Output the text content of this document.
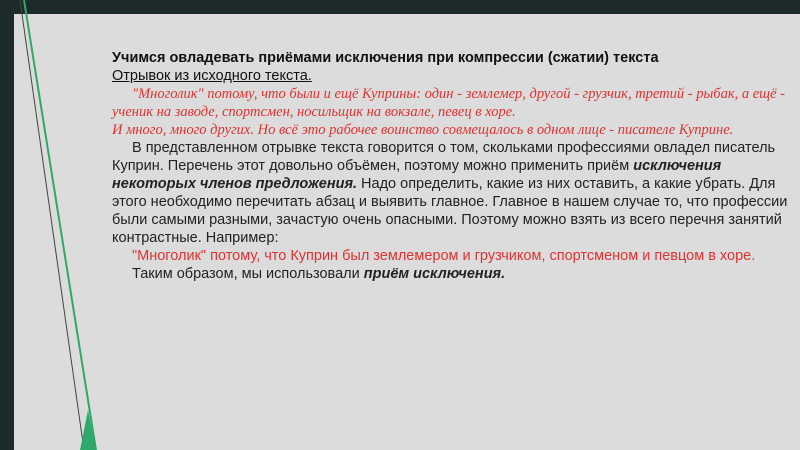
Учимся овладевать приёмами исключения при компрессии (сжатии) текста
Отрывок из исходного текста.
"Многолик" потому, что были и ещё Куприны: один - землемер, другой - грузчик, третий - рыбак, а ещё - ученик на заводе, спортсмен, носильщик на вокзале, певец в хоре.
И много, много других. Но всё это рабочее воинство совмещалось в одном лице - писателе Куприне.
В представленном отрывке текста говорится о том, скольками профессиями овладел писатель Куприн. Перечень этот довольно объёмен, поэтому можно применить приём исключения некоторых членов предложения. Надо определить, какие из них оставить, а какие убрать. Для этого необходимо перечитать абзац и выявить главное. Главное в нашем случае то, что профессии были самыми разными, зачастую очень опасными. Поэтому можно взять из всего перечня занятий контрастные. Например:
"Многолик" потому, что Куприн был землемером и грузчиком, спортсменом и певцом в хоре.
Таким образом, мы использовали приём исключения.
